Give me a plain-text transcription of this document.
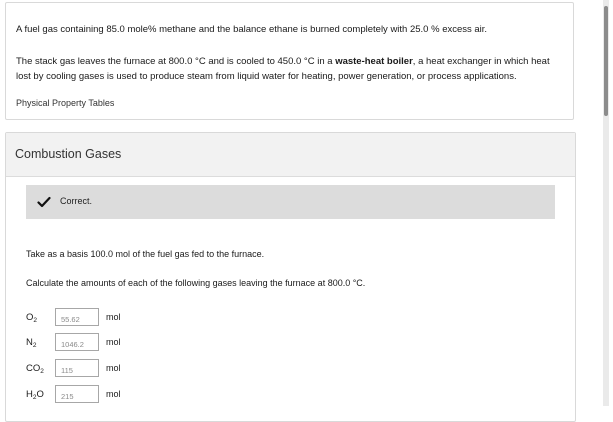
A fuel gas containing 85.0 mole% methane and the balance ethane is burned completely with 25.0 % excess air.
The stack gas leaves the furnace at 800.0 °C and is cooled to 450.0 °C in a waste-heat boiler, a heat exchanger in which heat lost by cooling gases is used to produce steam from liquid water for heating, power generation, or process applications.
Physical Property Tables
Combustion Gases
Correct.
Take as a basis 100.0 mol of the fuel gas fed to the furnace.
Calculate the amounts of each of the following gases leaving the furnace at 800.0 °C.
$O_2$
55.62	mol
$N_2$
1046.2	mol
$CO_2$
115	mol
$H_2O$
215	mol
